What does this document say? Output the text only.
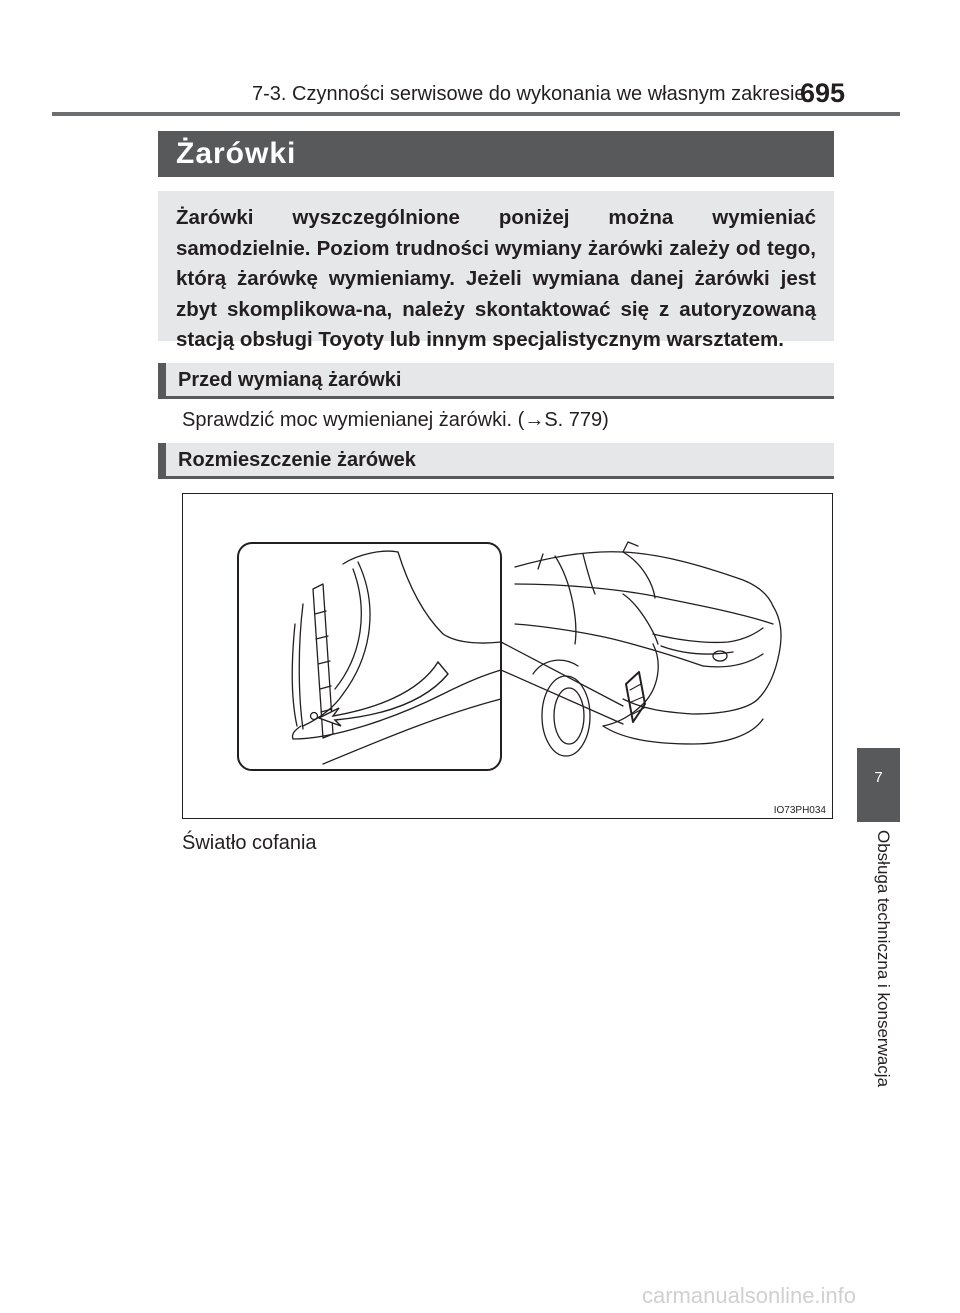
7-3. Czynności serwisowe do wykonania we własnym zakresie
695
Żarówki

Żarówki wyszczególnione poniżej można wymieniać samodzielnie. Poziom trudności wymiany żarówki zależy od tego, którą żarówkę wymieniamy. Jeżeli wymiana danej żarówki jest zbyt skomplikowa-na, należy skontaktować się z autoryzowaną stacją obsługi Toyoty lub innym specjalistycznym warsztatem.

Przed wymianą żarówki
Sprawdzić moc wymienianej żarówki. (→S. 779)
Rozmieszczenie żarówek
IO73PH034
Światło cofania
7
Obsługa techniczna i konserwacja
carmanualsonline.info
